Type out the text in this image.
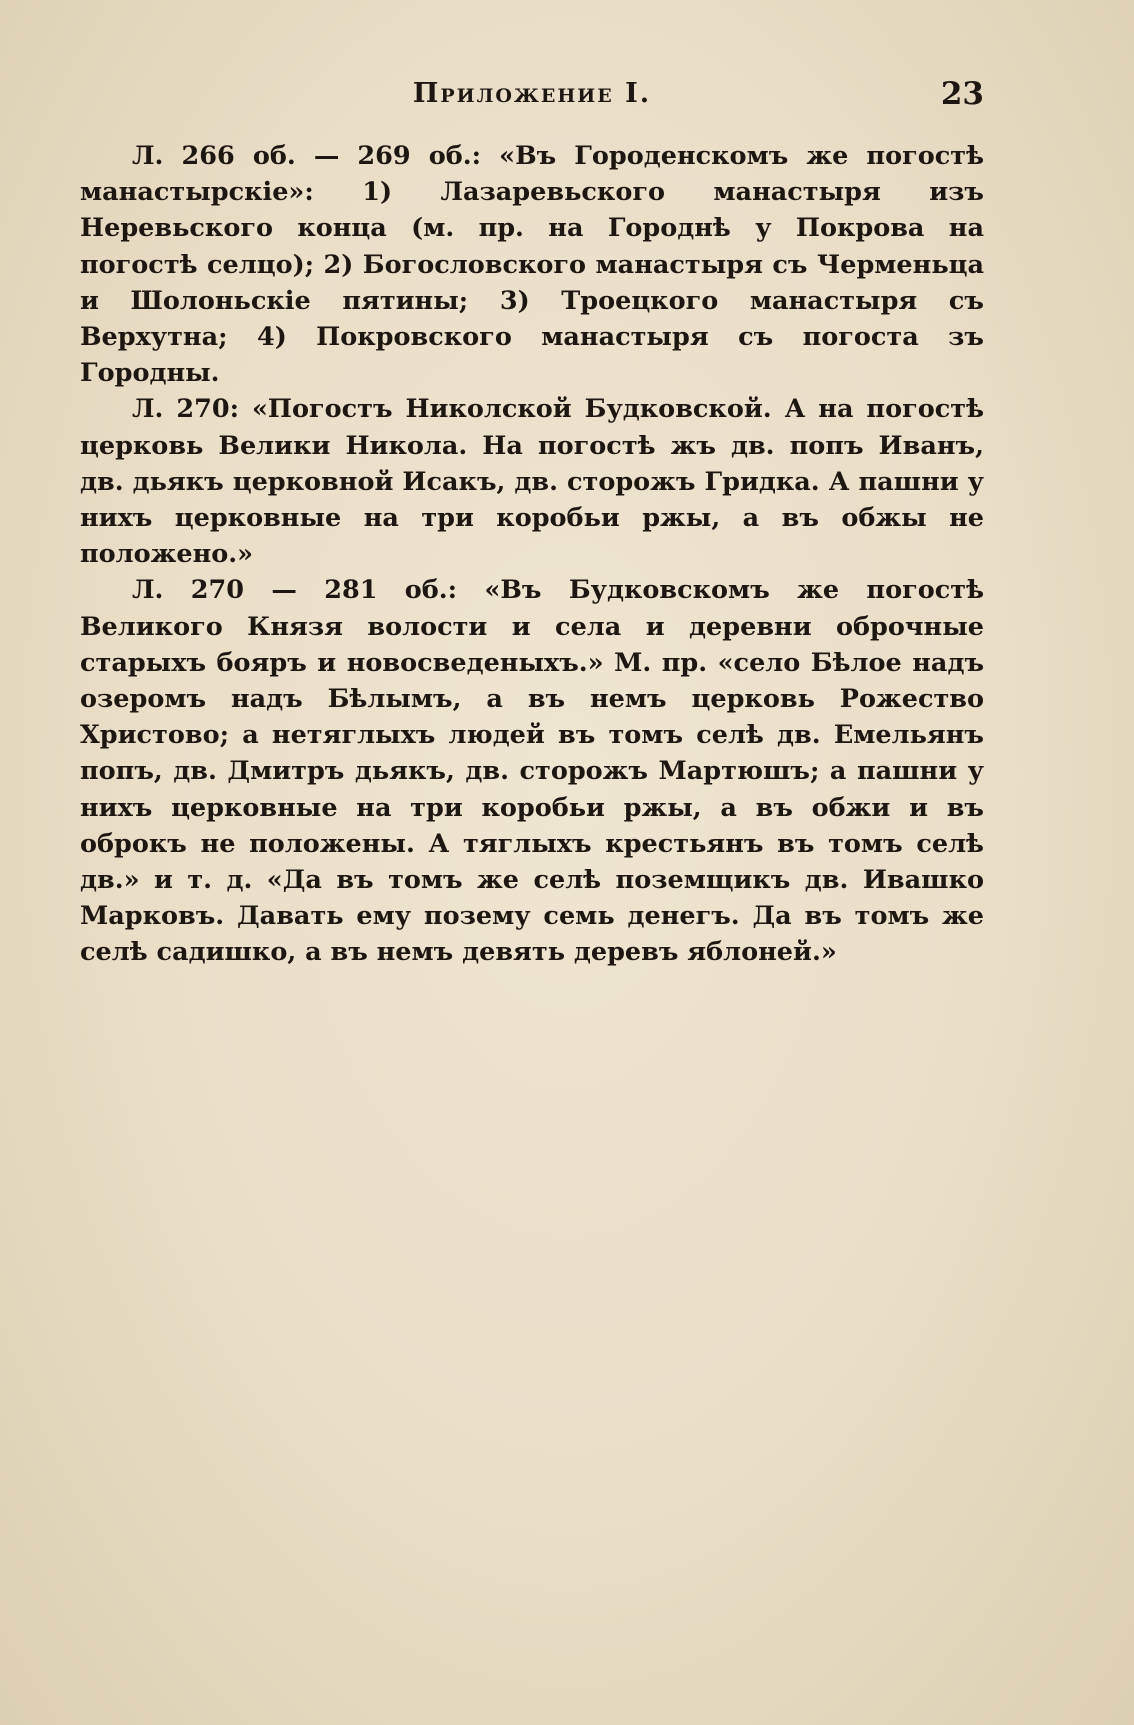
Приложение I.	23

Л. 266 об. — 269 об.: «Въ Городенскомъ же погостѣ манастырскіе»: 1) Лазаревьского манастыря изъ Неревьского конца (м. пр. на Городнѣ у Покрова на погостѣ селцо); 2) Богословского манастыря съ Черменьца и Шолоньскіе пятины; 3) Троецкого манастыря съ Верхутна; 4) Покровского манастыря съ погоста зъ Городны.

Л. 270: «Погостъ Николской Будковской. А на погостѣ церковь Велики Никола. На погостѣ жъ дв. попъ Иванъ, дв. дьякъ церковной Исакъ, дв. сторожъ Гридка. А пашни у нихъ церковные на три коробьи ржы, а въ обжы не положено.»

Л. 270 — 281 об.: «Въ Будковскомъ же погостѣ Великого Князя волости и села и деревни оброчные старыхъ бояръ и новосведеныхъ.» М. пр. «село Бѣлое надъ озеромъ надъ Бѣлымъ, а въ немъ церковь Рожество Христово; а нетяглыхъ людей въ томъ селѣ дв. Емельянъ попъ, дв. Дмитръ дьякъ, дв. сторожъ Мартюшъ; а пашни у нихъ церковные на три коробьи ржы, а въ обжи и въ оброкъ не положены. А тяглыхъ крестьянъ въ томъ селѣ дв.» и т. д. «Да въ томъ же селѣ поземщикъ дв. Ивашко Марковъ. Давать ему позему семь денегъ. Да въ томъ же селѣ садишко, а въ немъ девять деревъ яблоней.»
